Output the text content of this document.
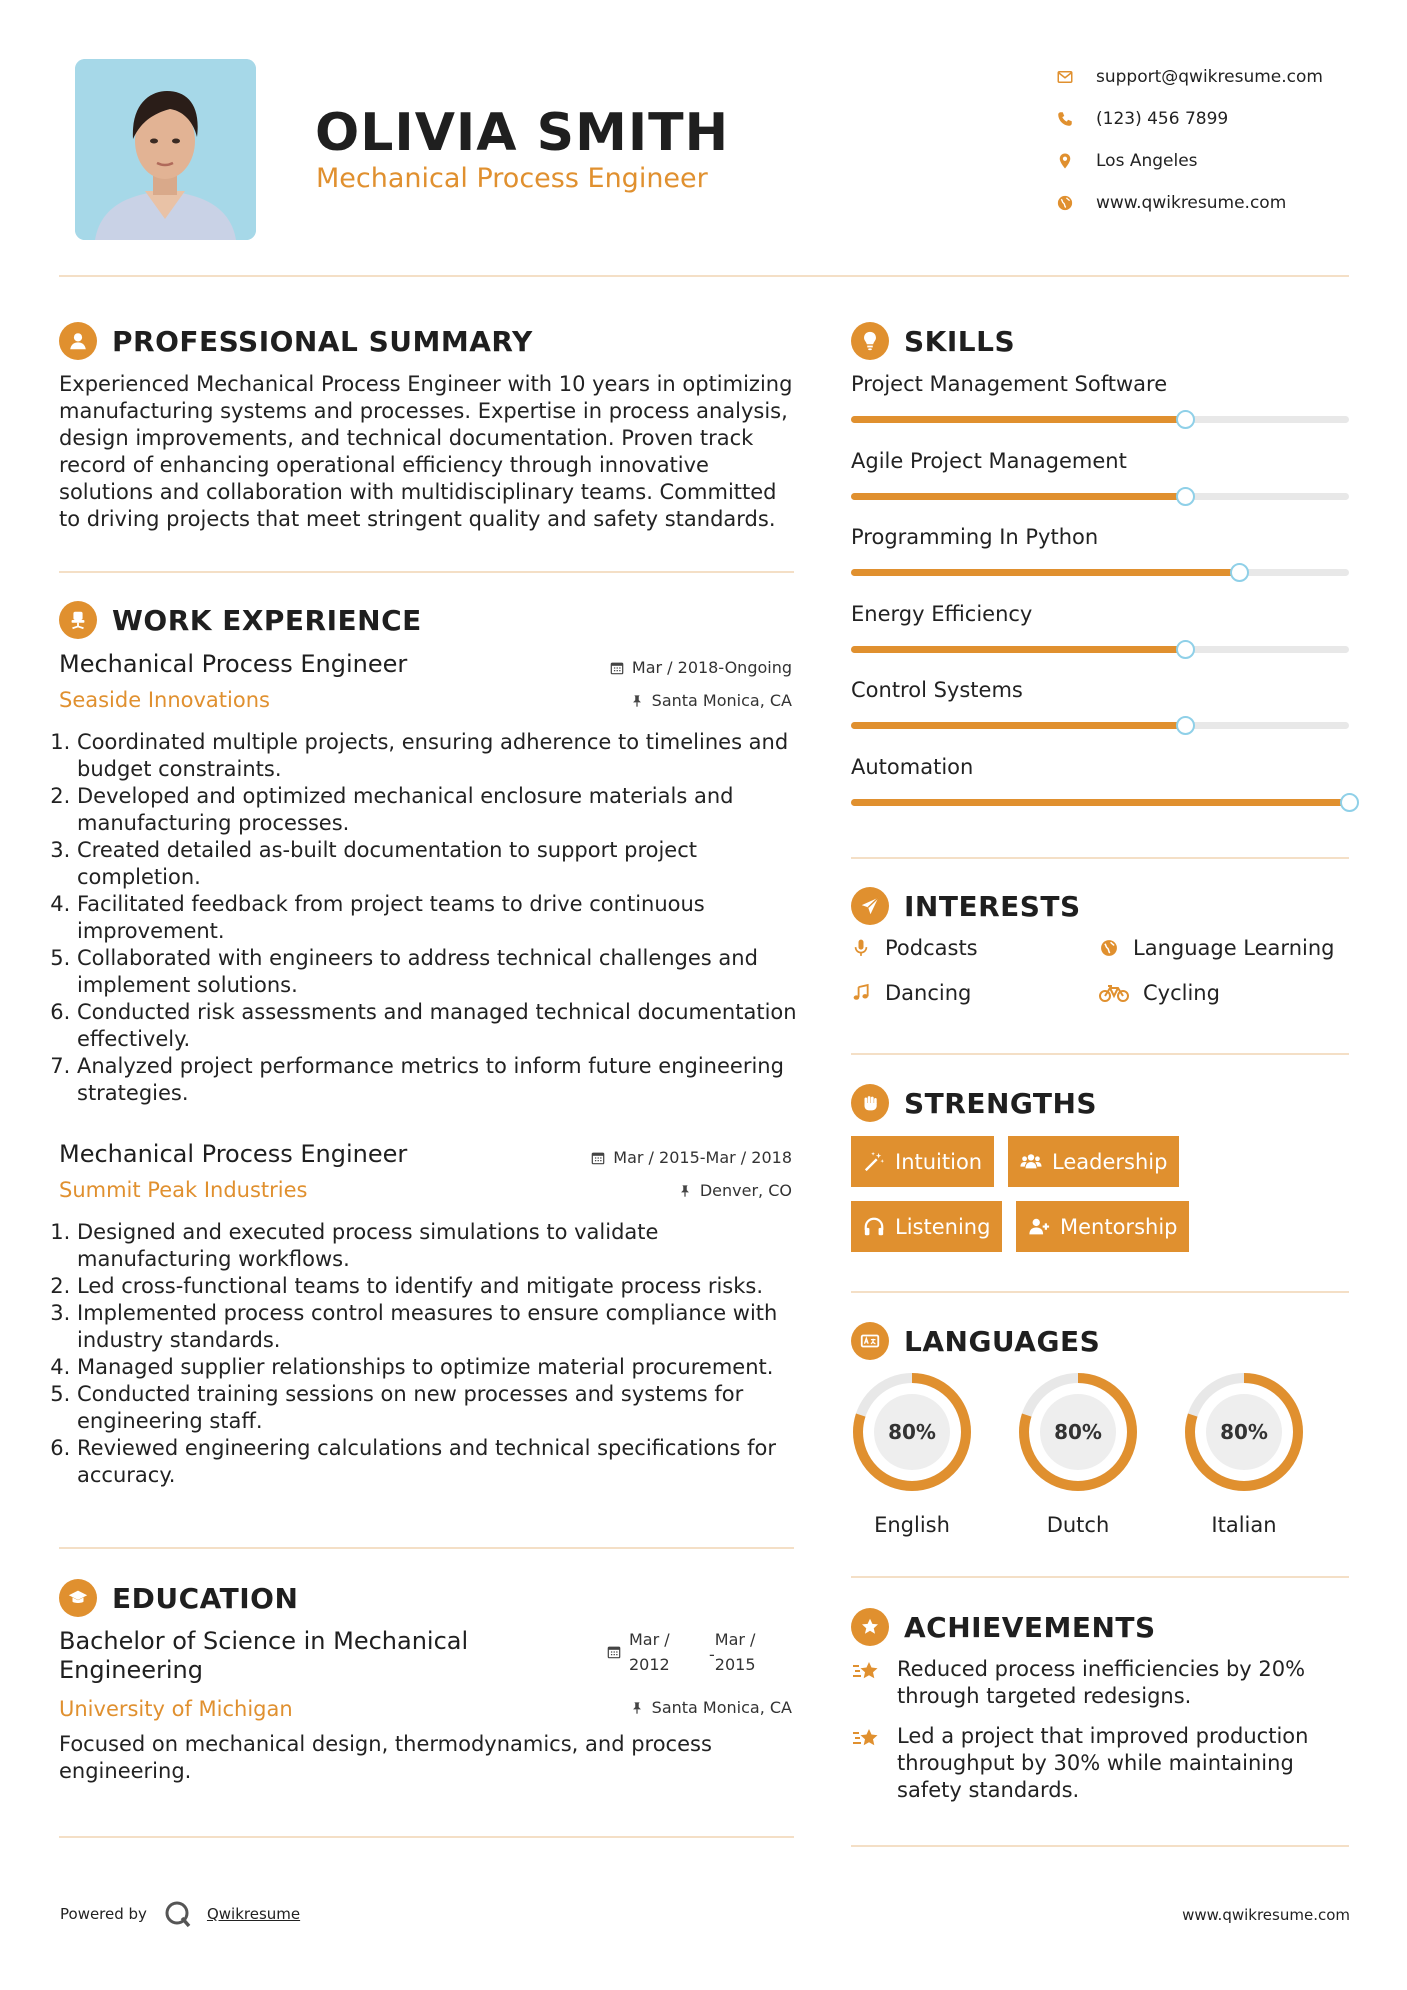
OLIVIA SMITH
Mechanical Process Engineer
support@qwikresume.com
(123) 456 7899
Los Angeles
www.qwikresume.com
PROFESSIONAL SUMMARY
Experienced Mechanical Process Engineer with 10 years in optimizing manufacturing systems and processes. Expertise in process analysis, design improvements, and technical documentation. Proven track record of enhancing operational efficiency through innovative solutions and collaboration with multidisciplinary teams. Committed to driving projects that meet stringent quality and safety standards.
WORK EXPERIENCE
Mechanical Process Engineer
Seaside Innovations
Mar / 2018-Ongoing
Santa Monica, CA
1. Coordinated multiple projects, ensuring adherence to timelines and budget constraints.
2. Developed and optimized mechanical enclosure materials and manufacturing processes.
3. Created detailed as-built documentation to support project completion.
4. Facilitated feedback from project teams to drive continuous improvement.
5. Collaborated with engineers to address technical challenges and implement solutions.
6. Conducted risk assessments and managed technical documentation effectively.
7. Analyzed project performance metrics to inform future engineering strategies.
Mechanical Process Engineer
Summit Peak Industries
Mar / 2015-Mar / 2018
Denver, CO
1. Designed and executed process simulations to validate manufacturing workflows.
2. Led cross-functional teams to identify and mitigate process risks.
3. Implemented process control measures to ensure compliance with industry standards.
4. Managed supplier relationships to optimize material procurement.
5. Conducted training sessions on new processes and systems for engineering staff.
6. Reviewed engineering calculations and technical specifications for accuracy.
EDUCATION
Bachelor of Science in Mechanical Engineering
University of Michigan
Mar / 2012
-
Mar / 2015
Santa Monica, CA
Focused on mechanical design, thermodynamics, and process engineering.
SKILLS
Project Management Software
Agile Project Management
Programming In Python
Energy Efficiency
Control Systems
Automation
INTERESTS
Podcasts	Language Learning
Dancing	Cycling
STRENGTHS
Intuition	Leadership
Listening	Mentorship
LANGUAGES
80%
English
80%
Dutch
80%
Italian
ACHIEVEMENTS
Reduced process inefficiencies by 20% through targeted redesigns.
Led a project that improved production throughput by 30% while maintaining safety standards.
Powered by	Qwikresume	www.qwikresume.com
